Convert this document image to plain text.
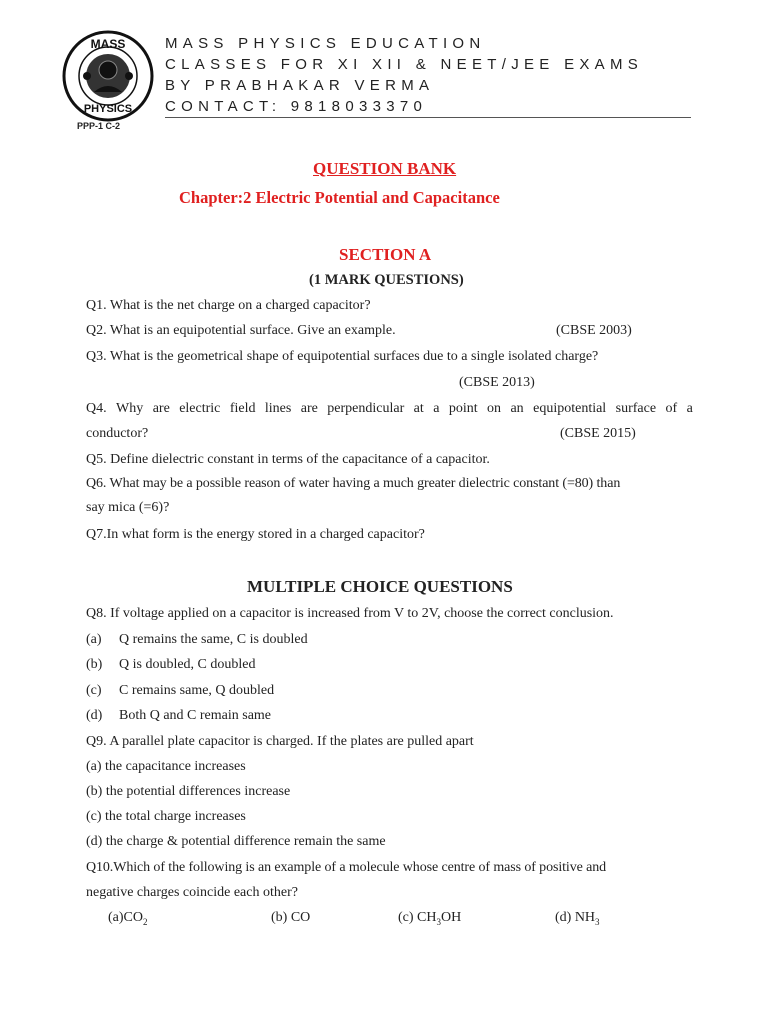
MASS
PHYSICS
MASS PHYSICS EDUCATION
CLASSES FOR XI XII & NEET/JEE EXAMS
BY PRABHAKAR VERMA
CONTACT: 9818033370
PPP-1 C-2
QUESTION BANK
Chapter:2 Electric Potential and Capacitance
SECTION A
(1 MARK QUESTIONS)
Q1. What is the net charge on a charged capacitor?
Q2. What is an equipotential surface. Give an example.	(CBSE 2003)
Q3. What is the geometrical shape of equipotential surfaces due to a single isolated charge?
(CBSE 2013)
Q4. Why are electric field lines are perpendicular at a point on an equipotential surface of a
conductor?	(CBSE 2015)
Q5. Define dielectric constant in terms of the capacitance of a capacitor.
Q6. What may be a possible reason of water having a much greater dielectric constant (=80) than
say mica (=6)?
Q7.In what form is the energy stored in a charged capacitor?
MULTIPLE CHOICE QUESTIONS
Q8. If voltage applied on a capacitor is increased from V to 2V, choose the correct conclusion.
(a) Q remains the same, C is doubled
(b) Q is doubled, C doubled
(c) C remains same, Q doubled
(d) Both Q and C remain same
Q9. A parallel plate capacitor is charged. If the plates are pulled apart
(a) the capacitance increases
(b) the potential differences increase
(c) the total charge increases
(d) the charge & potential difference remain the same
Q10.Which of the following is an example of a molecule whose centre of mass of positive and
negative charges coincide each other?
$(a)CO_2$	(b) CO	(c) $CH_3OH$	(d) $NH_3$
